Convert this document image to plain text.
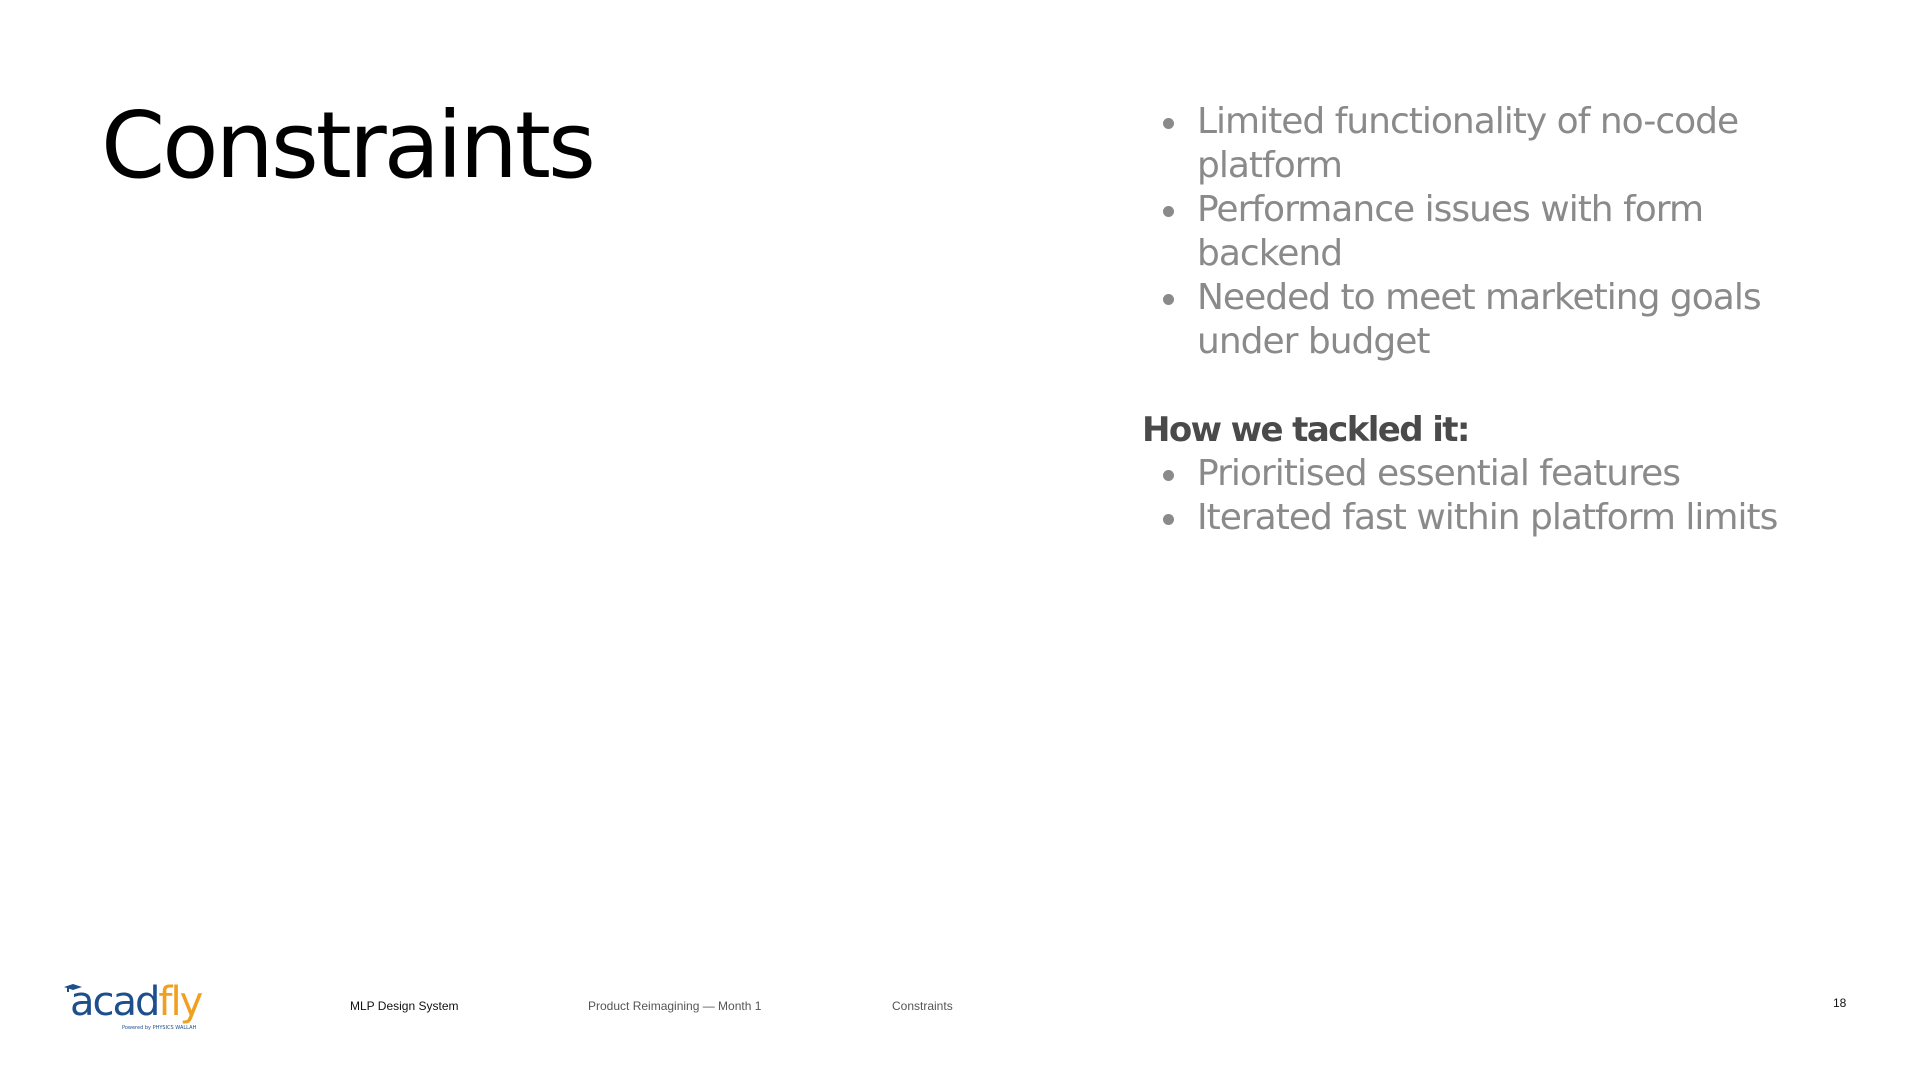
Constraints	Limited functionality of no-code platform
Performance issues with form backend
Needed to meet marketing goals under budget
How we tackled it:
Prioritised essential features
Iterated fast within platform limits
acadfly
Powered by PHYSICS WALLAH
MLP Design System	Product Reimagining — Month 1	Constraints	18
